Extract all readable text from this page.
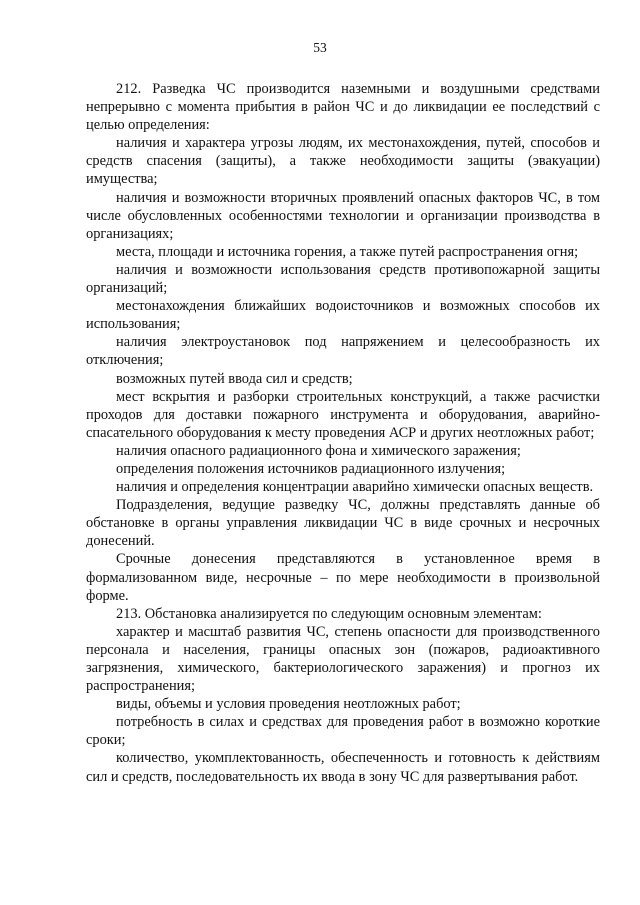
53

212. Разведка ЧС производится наземными и воздушными средствами непрерывно с момента прибытия в район ЧС и до ликвидации ее последствий с целью определения:

наличия и характера угрозы людям, их местонахождения, путей, способов и средств спасения (защиты), а также необходимости защиты (эвакуации) имущества;

наличия и возможности вторичных проявлений опасных факторов ЧС, в том числе обусловленных особенностями технологии и организации производства в организациях;

места, площади и источника горения, а также путей распространения огня;

наличия и возможности использования средств противопожарной защиты организаций;

местонахождения ближайших водоисточников и возможных способов их использования;

наличия электроустановок под напряжением и целесообразность их отключения;

возможных путей ввода сил и средств;

мест вскрытия и разборки строительных конструкций, а также расчистки проходов для доставки пожарного инструмента и оборудования, аварийно-спасательного оборудования к месту проведения АСР и других неотложных работ;

наличия опасного радиационного фона и химического заражения;

определения положения источников радиационного излучения;

наличия и определения концентрации аварийно химически опасных веществ.

Подразделения, ведущие разведку ЧС, должны представлять данные об обстановке в органы управления ликвидации ЧС в виде срочных и несрочных донесений.

Срочные донесения представляются в установленное время в формализованном виде, несрочные – по мере необходимости в произвольной форме.

213. Обстановка анализируется по следующим основным элементам:

характер и масштаб развития ЧС, степень опасности для производственного персонала и населения, границы опасных зон (пожаров, радиоактивного загрязнения, химического, бактериологического заражения) и прогноз их распространения;

виды, объемы и условия проведения неотложных работ;

потребность в силах и средствах для проведения работ в возможно короткие сроки;

количество, укомплектованность, обеспеченность и готовность к действиям сил и средств, последовательность их ввода в зону ЧС для развертывания работ.
